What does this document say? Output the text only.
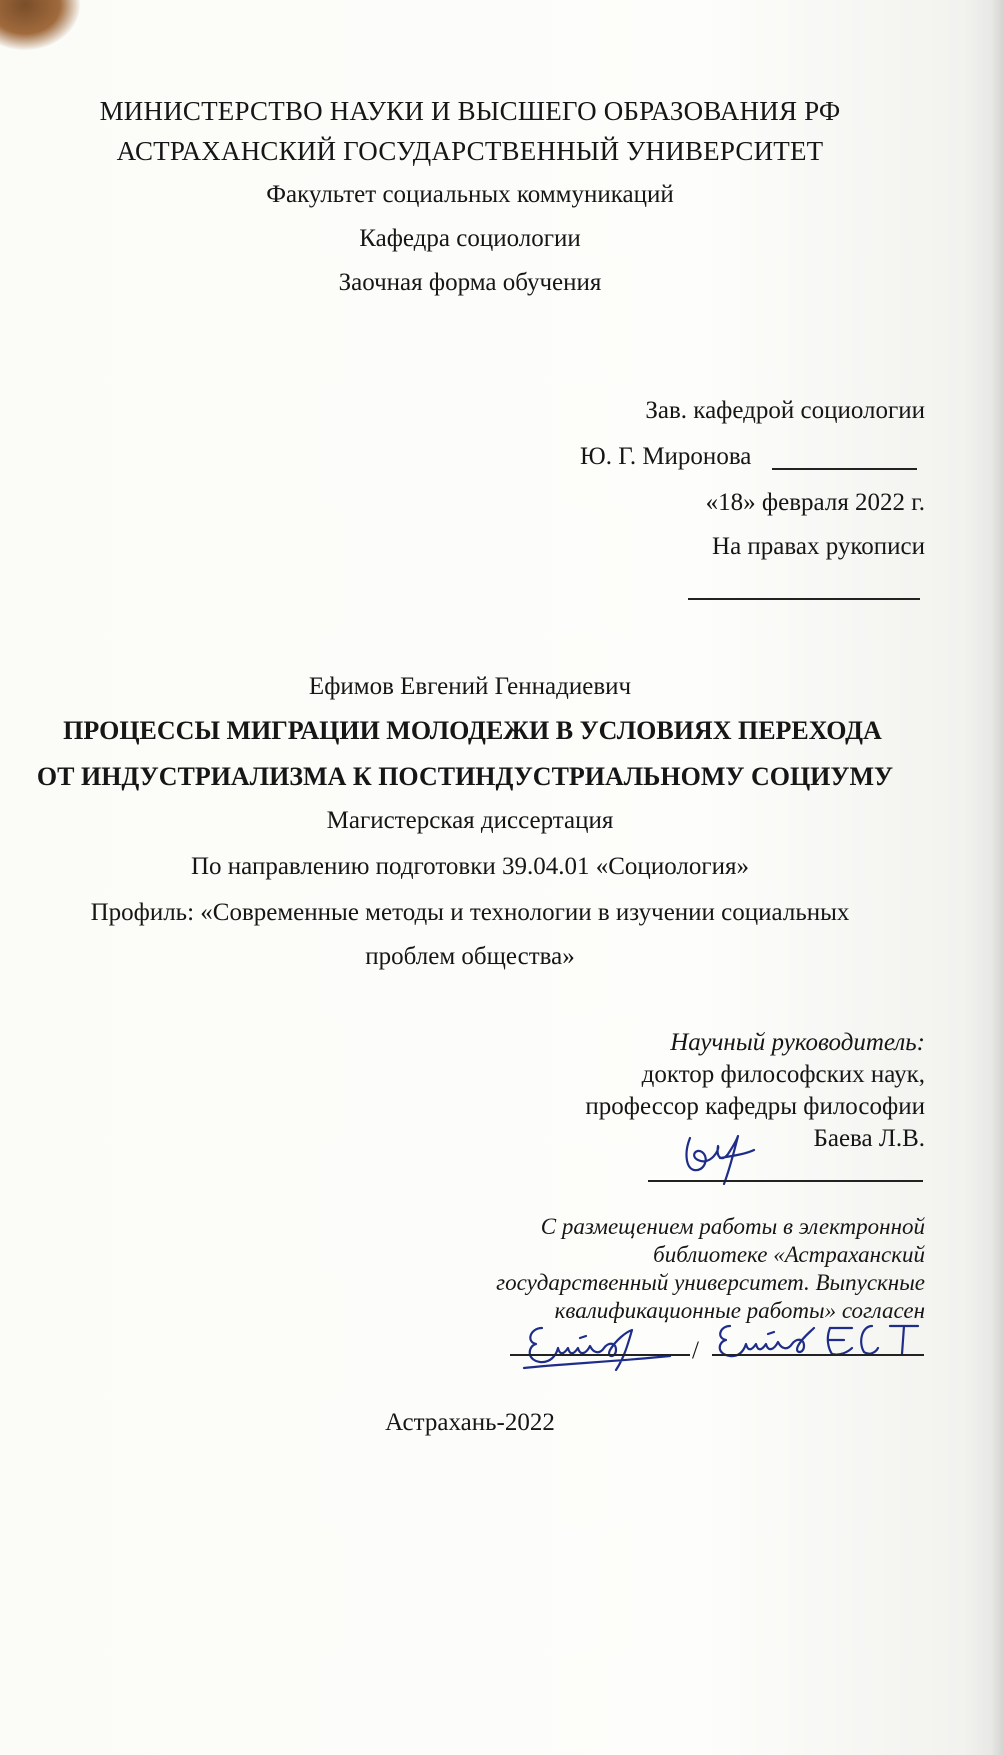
МИНИСТЕРСТВО НАУКИ И ВЫСШЕГО ОБРАЗОВАНИЯ РФ
АСТРАХАНСКИЙ ГОСУДАРСТВЕННЫЙ УНИВЕРСИТЕТ
Факультет социальных коммуникаций
Кафедра социологии
Заочная форма обучения
Зав. кафедрой социологии
Ю. Г. Миронова
«18» февраля 2022 г.
На правах рукописи
Ефимов Евгений Геннадиевич
ПРОЦЕССЫ МИГРАЦИИ МОЛОДЕЖИ В УСЛОВИЯХ ПЕРЕХОДА
ОТ ИНДУСТРИАЛИЗМА К ПОСТИНДУСТРИАЛЬНОМУ СОЦИУМУ
Магистерская диссертация
По направлению подготовки 39.04.01 «Социология»
Профиль: «Современные методы и технологии в изучении социальных
проблем общества»
Научный руководитель:
доктор философских наук,
профессор кафедры философии
Баева Л.В.
С размещением работы в электронной
библиотеке «Астраханский
государственный университет. Выпускные
квалификационные работы» согласен
/
Астрахань-2022
